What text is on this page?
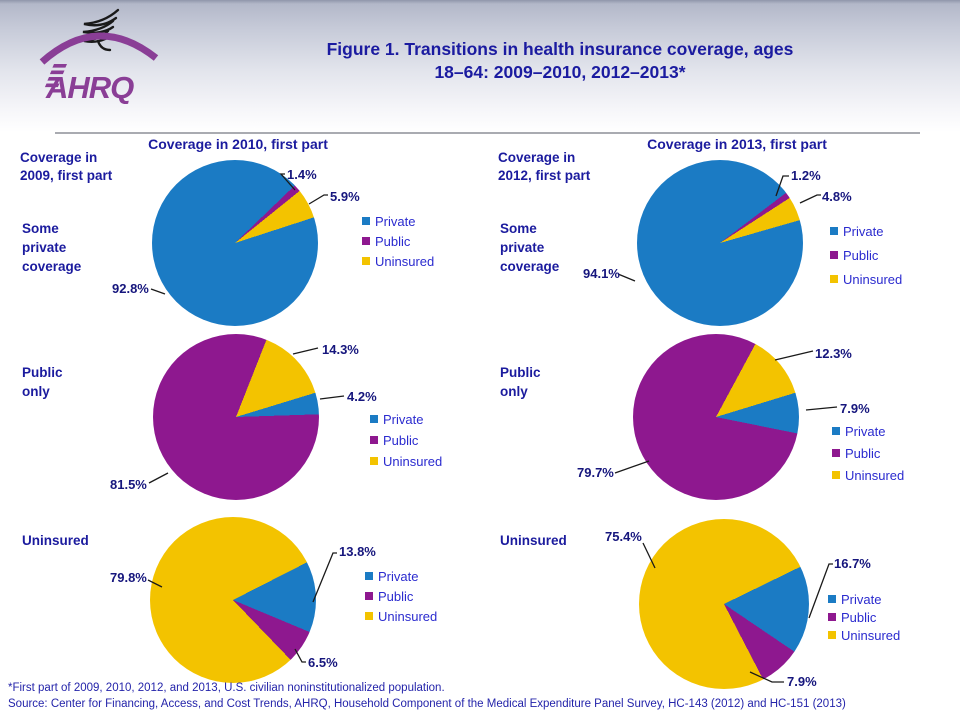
AHRQ
Figure 1. Transitions in health insurance coverage, ages
18–64: 2009–2010, 2012–2013*
Coverage in 2010, first part	Coverage in 2013, first part
Coverage in
2009, first part
Coverage in
2012, first part
Some
private
coverage
Public
only
Uninsured
Some
private
coverage
Public
only
Uninsured
92.8%
1.4%
5.9%
81.5%
14.3%
4.2%
79.8%
13.8%
6.5%
94.1%
1.2%
4.8%
79.7%
12.3%
7.9%
75.4%
16.7%
7.9%
Private
Public
Uninsured
Private
Public
Uninsured
Private
Public
Uninsured
Private
Public
Uninsured
Private
Public
Uninsured
Private
Public
Uninsured
*First part of 2009, 2010, 2012, and 2013, U.S. civilian noninstitutionalized population.
Source: Center for Financing, Access, and Cost Trends, AHRQ, Household Component of the Medical Expenditure Panel Survey, HC-143 (2012) and HC-151 (2013)
